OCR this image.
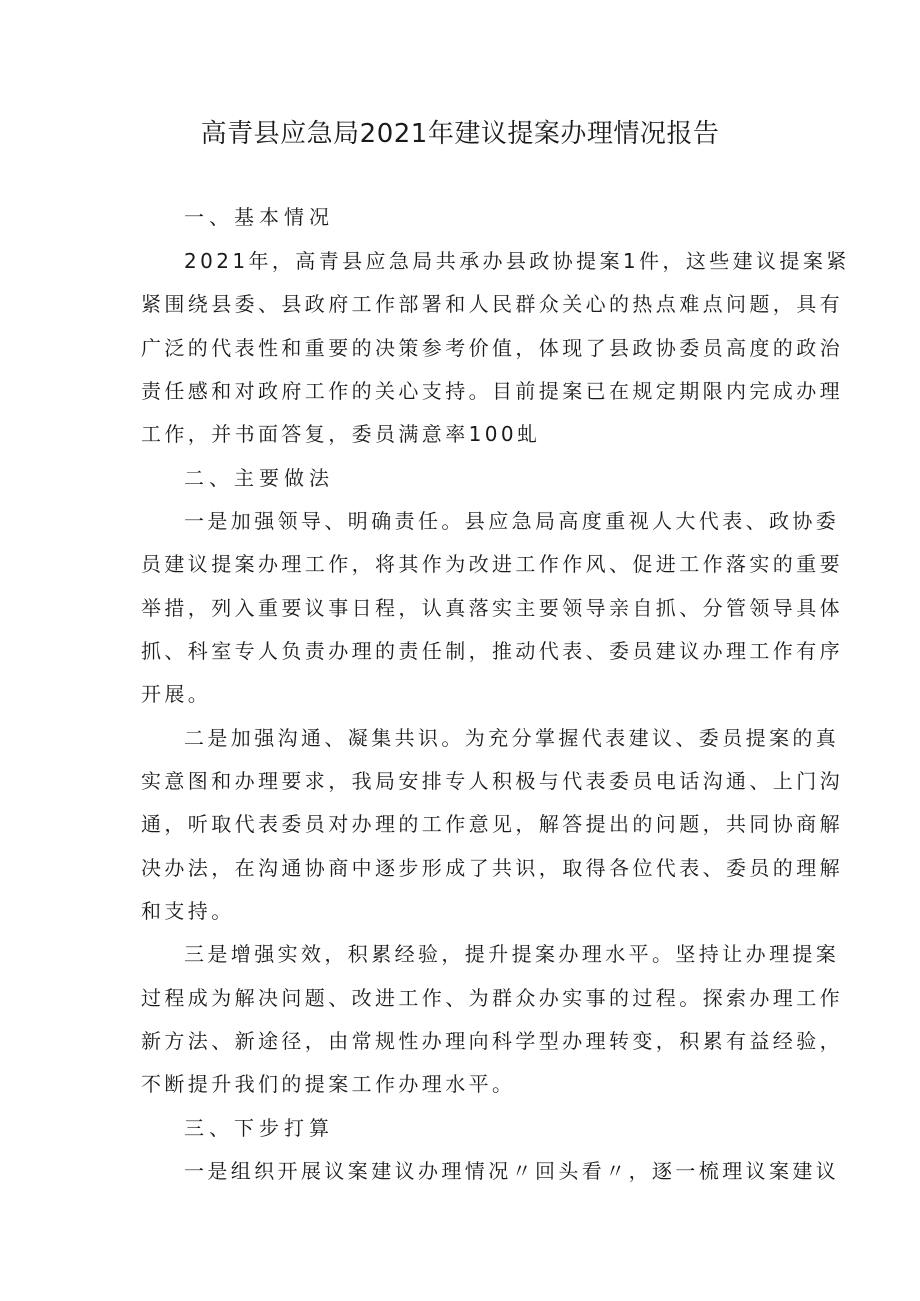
高青县应急局2021年建议提案办理情况报告
一、基本情况
2021年，高青县应急局共承办县政协提案1件，这些建议提案紧
紧围绕县委、县政府工作部署和人民群众关心的热点难点问题，具有
广泛的代表性和重要的决策参考价值，体现了县政协委员高度的政治
责任感和对政府工作的关心支持。目前提案已在规定期限内完成办理
工作，并书面答复，委员满意率100虬
二、主要做法
一是加强领导、明确责任。县应急局高度重视人大代表、政协委
员建议提案办理工作，将其作为改进工作作风、促进工作落实的重要
举措，列入重要议事日程，认真落实主要领导亲自抓、分管领导具体
抓、科室专人负责办理的责任制，推动代表、委员建议办理工作有序
开展。
二是加强沟通、凝集共识。为充分掌握代表建议、委员提案的真
实意图和办理要求，我局安排专人积极与代表委员电话沟通、上门沟
通，听取代表委员对办理的工作意见，解答提出的问题，共同协商解
决办法，在沟通协商中逐步形成了共识，取得各位代表、委员的理解
和支持。
三是增强实效，积累经验，提升提案办理水平。坚持让办理提案
过程成为解决问题、改进工作、为群众办实事的过程。探索办理工作
新方法、新途径，由常规性办理向科学型办理转变，积累有益经验，
不断提升我们的提案工作办理水平。
三、下步打算
一是组织开展议案建议办理情况〃回头看〃，逐一梳理议案建议
